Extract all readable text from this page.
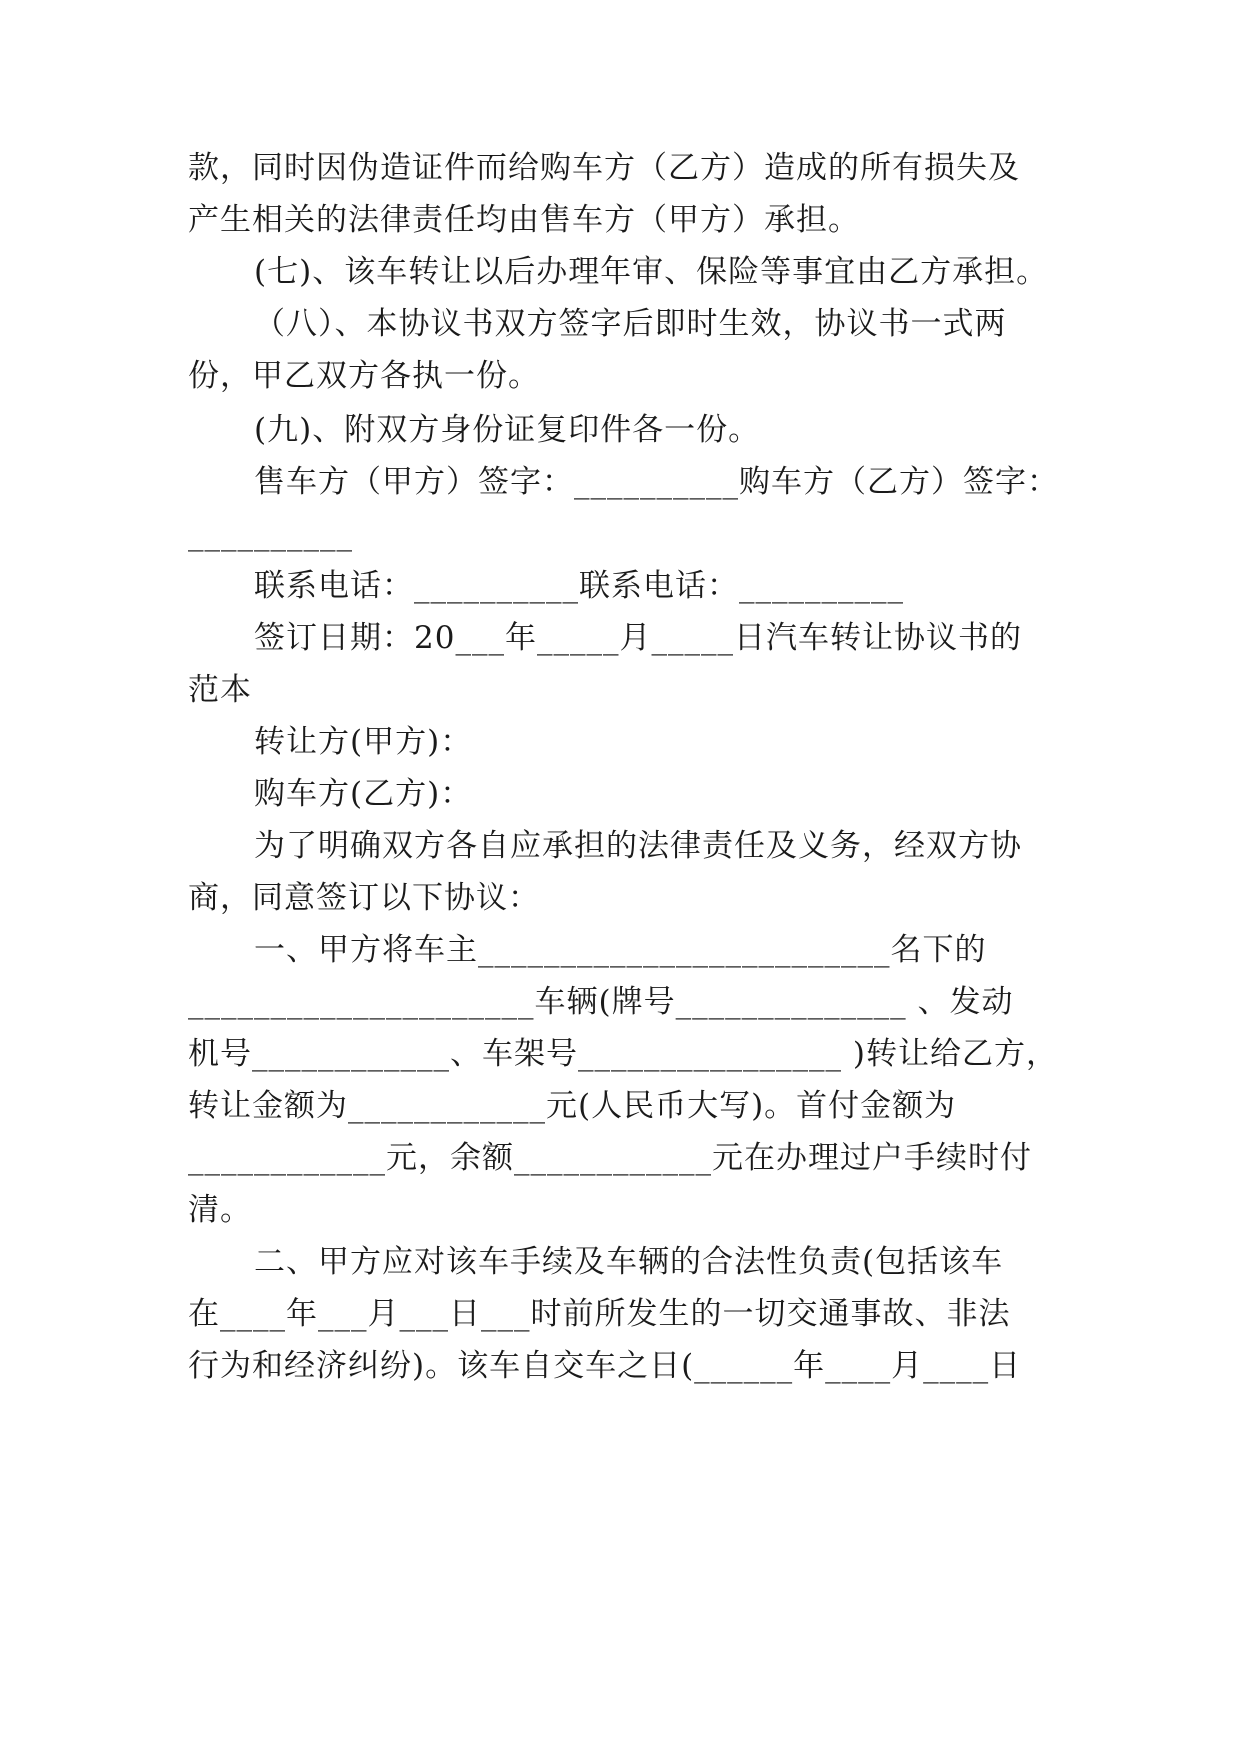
款，同时因伪造证件而给购车方（乙方）造成的所有损失及
产生相关的法律责任均由售车方（甲方）承担。
(七)、该车转让以后办理年审、保险等事宜由乙方承担。
（八）、本协议书双方签字后即时生效，协议书一式两
份，甲乙双方各执一份。
(九)、附双方身份证复印件各一份。
售车方（甲方）签字：__________购车方（乙方）签字：
__________
联系电话：__________联系电话：__________
签订日期：20___年_____月_____日汽车转让协议书的
范本
转让方(甲方)：
购车方(乙方)：
为了明确双方各自应承担的法律责任及义务，经双方协
商，同意签订以下协议：
一、甲方将车主_________________________名下的
_____________________车辆(牌号______________ 、发动
机号____________、车架号________________ )转让给乙方，
转让金额为____________元(人民币大写)。首付金额为
____________元，余额____________元在办理过户手续时付
清。
二、甲方应对该车手续及车辆的合法性负责(包括该车
在____年___月___日___时前所发生的一切交通事故、非法
行为和经济纠纷)。该车自交车之日(______年____月____日
